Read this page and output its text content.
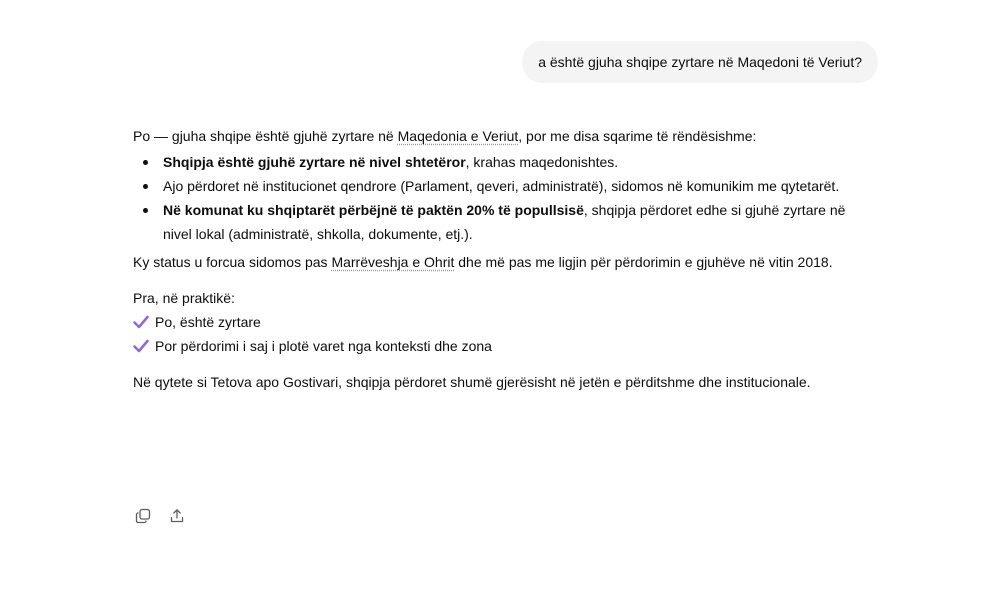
a është gjuha shqipe zyrtare në Maqedoni të Veriut?

Po — gjuha shqipe është gjuhë zyrtare në Maqedonia e Veriut, por me disa sqarime të rëndësishme:

Shqipja është gjuhë zyrtare në nivel shtetëror, krahas maqedonishtes.
Ajo përdoret në institucionet qendrore (Parlament, qeveri, administratë), sidomos në komunikim me qytetarët.
Në komunat ku shqiptarët përbëjnë të paktën 20% të popullsisë, shqipja përdoret edhe si gjuhë zyrtare në nivel lokal (administratë, shkolla, dokumente, etj.).

Ky status u forcua sidomos pas Marrëveshja e Ohrit dhe më pas me ligjin për përdorimin e gjuhëve në vitin 2018.

Pra, në praktikë:

Po, është zyrtare
Por përdorimi i saj i plotë varet nga konteksti dhe zona

Në qytete si Tetova apo Gostivari, shqipja përdoret shumë gjerësisht në jetën e përditshme dhe institucionale.
